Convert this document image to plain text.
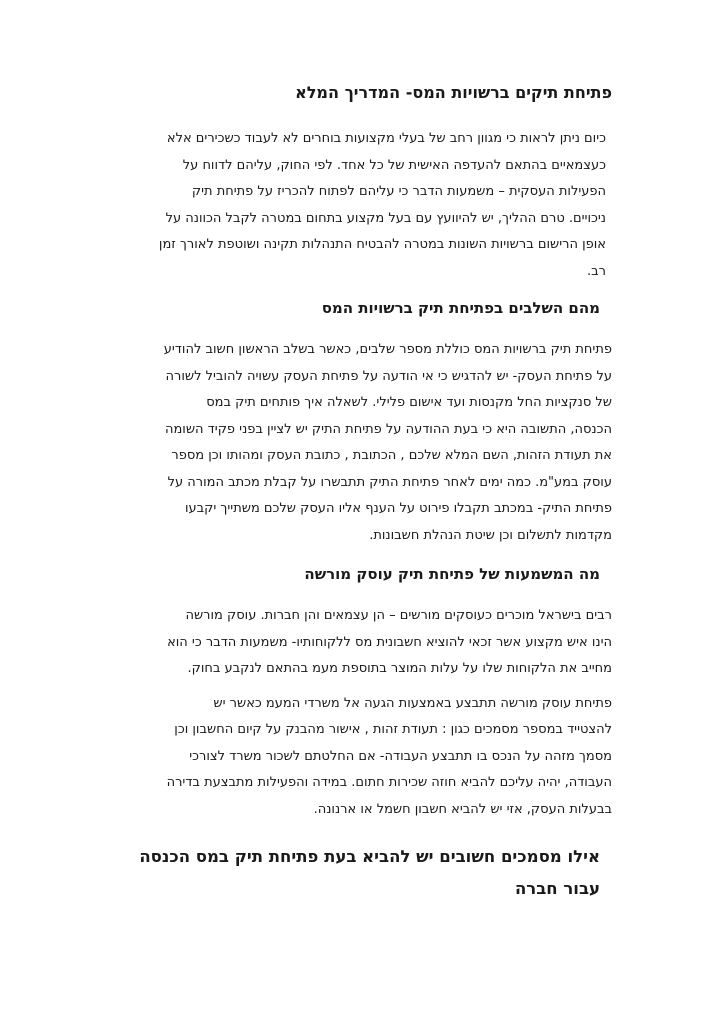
פתיחת תיקים ברשויות המס- המדריך המלא

כיום ניתן לראות כי מגוון רחב של בעלי מקצועות בוחרים לא לעבוד כשכירים אלא
כעצמאיים בהתאם להעדפה האישית של כל אחד. לפי החוק, עליהם לדווח על
הפעילות העסקית – משמעות הדבר כי עליהם לפתוח להכריז על פתיחת תיק
ניכויים. טרם ההליך, יש להיוועץ עם בעל מקצוע בתחום במטרה לקבל הכוונה על
אופן הרישום ברשויות השונות במטרה להבטיח התנהלות תקינה ושוטפת לאורך זמן
רב.

מהם השלבים בפתיחת תיק ברשויות המס

פתיחת תיק ברשויות המס כוללת מספר שלבים, כאשר בשלב הראשון חשוב להודיע
על פתיחת העסק- יש להדגיש כי אי הודעה על פתיחת העסק עשויה להוביל לשורה
של סנקציות החל מקנסות ועד אישום פלילי. לשאלה איך פותחים תיק במס
הכנסה, התשובה היא כי בעת ההודעה על פתיחת התיק יש לציין בפני פקיד השומה
את תעודת הזהות, השם המלא שלכם , הכתובת , כתובת העסק ומהותו וכן מספר
עוסק במע"מ. כמה ימים לאחר פתיחת התיק תתבשרו על קבלת מכתב המורה על
פתיחת התיק- במכתב תקבלו פירוט על הענף אליו העסק שלכם משתייך יקבעו
מקדמות לתשלום וכן שיטת הנהלת חשבונות.

מה המשמעות של פתיחת תיק עוסק מורשה

רבים בישראל מוכרים כעוסקים מורשים – הן עצמאים והן חברות. עוסק מורשה
הינו איש מקצוע אשר זכאי להוציא חשבונית מס ללקוחותיו- משמעות הדבר כי הוא
מחייב את הלקוחות שלו על עלות המוצר בתוספת מעמ בהתאם לנקבע בחוק.

פתיחת עוסק מורשה תתבצע באמצעות הגעה אל משרדי המעמ כאשר יש
להצטייד במספר מסמכים כגון : תעודת זהות , אישור מהבנק על קיום החשבון וכן
מסמך מזהה על הנכס בו תתבצע העבודה- אם החלטתם לשכור משרד לצורכי
העבודה, יהיה עליכם להביא חוזה שכירות חתום. במידה והפעילות מתבצעת בדירה
בבעלות העסק, אזי יש להביא חשבון חשמל או ארנונה.

אילו מסמכים חשובים יש להביא בעת פתיחת תיק במס הכנסה
עבור חברה
